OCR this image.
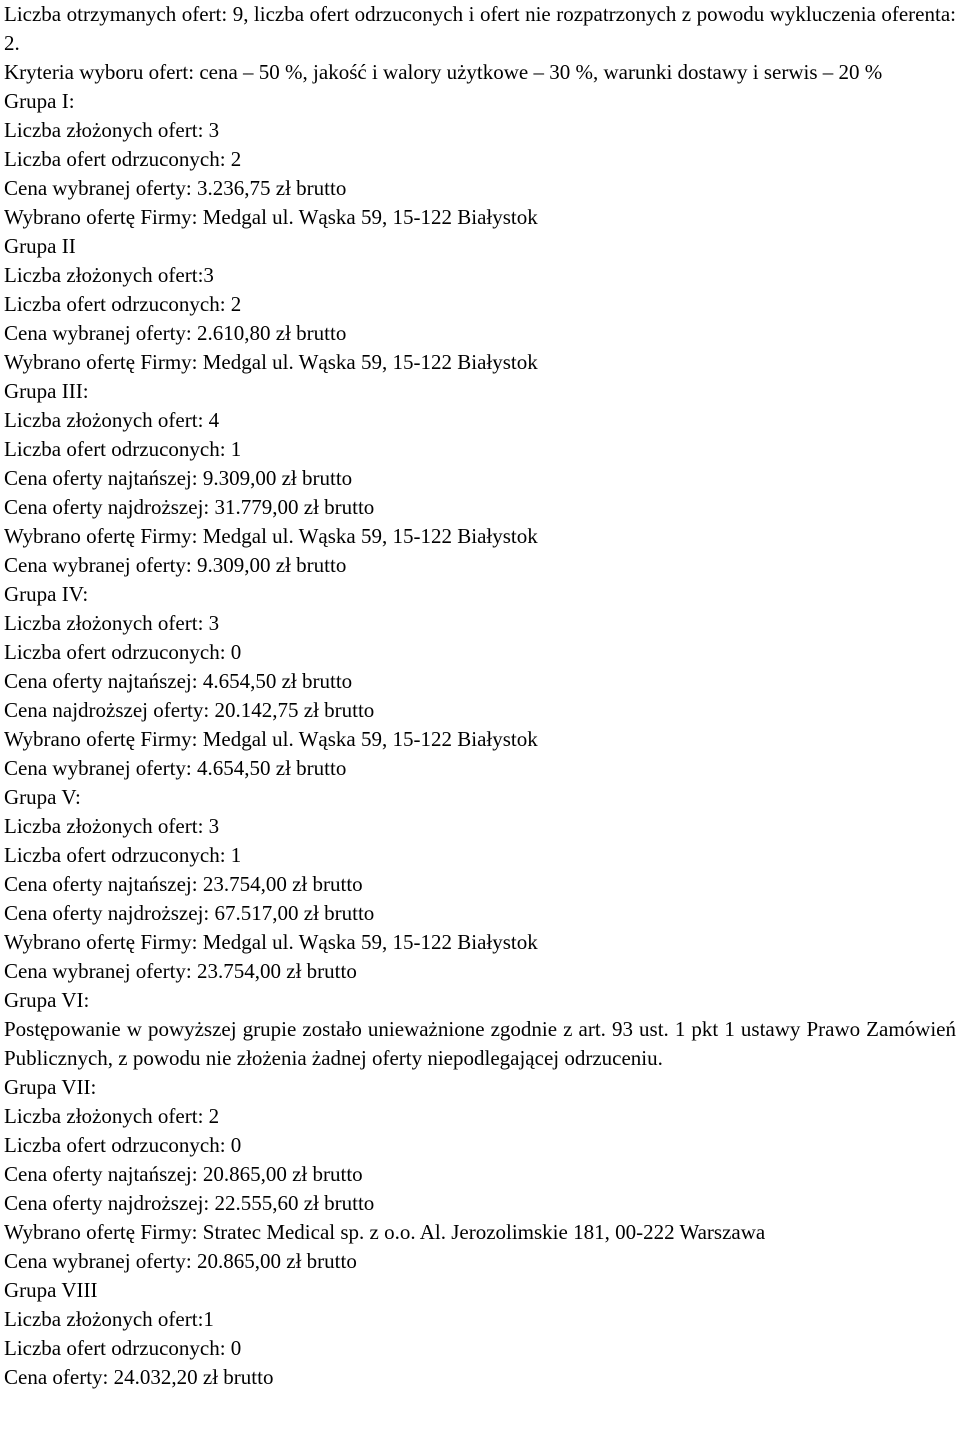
Liczba otrzymanych ofert: 9, liczba ofert odrzuconych i ofert nie rozpatrzonych z powodu wykluczenia oferenta: 2.
Kryteria wyboru ofert: cena – 50 %, jakość i walory użytkowe – 30 %, warunki dostawy i serwis – 20 %
Grupa I:
Liczba złożonych ofert: 3
Liczba ofert odrzuconych: 2
Cena wybranej oferty: 3.236,75 zł brutto
Wybrano ofertę Firmy: Medgal ul. Wąska 59, 15-122 Białystok
Grupa II
Liczba złożonych ofert:3
Liczba ofert odrzuconych: 2
Cena wybranej oferty: 2.610,80 zł brutto
Wybrano ofertę Firmy: Medgal ul. Wąska 59, 15-122 Białystok
Grupa III:
Liczba złożonych ofert: 4
Liczba ofert odrzuconych: 1
Cena oferty najtańszej: 9.309,00 zł brutto
Cena oferty najdroższej: 31.779,00 zł brutto
Wybrano ofertę Firmy: Medgal ul. Wąska 59, 15-122 Białystok
Cena wybranej oferty: 9.309,00 zł brutto
Grupa IV:
Liczba złożonych ofert: 3
Liczba ofert odrzuconych: 0
Cena oferty najtańszej: 4.654,50 zł brutto
Cena najdroższej oferty: 20.142,75 zł brutto
Wybrano ofertę Firmy: Medgal ul. Wąska 59, 15-122 Białystok
Cena wybranej oferty: 4.654,50 zł brutto
Grupa V:
Liczba złożonych ofert: 3
Liczba ofert odrzuconych: 1
Cena oferty najtańszej: 23.754,00 zł brutto
Cena oferty najdroższej: 67.517,00 zł brutto
Wybrano ofertę Firmy: Medgal ul. Wąska 59, 15-122 Białystok
Cena wybranej oferty: 23.754,00 zł brutto
Grupa VI:
Postępowanie w powyższej grupie zostało unieważnione zgodnie z art. 93 ust. 1 pkt 1 ustawy Prawo Zamówień Publicznych, z powodu nie złożenia żadnej oferty niepodlegającej odrzuceniu.
Grupa VII:
Liczba złożonych ofert: 2
Liczba ofert odrzuconych: 0
Cena oferty najtańszej: 20.865,00 zł brutto
Cena oferty najdroższej: 22.555,60 zł brutto
Wybrano ofertę Firmy: Stratec Medical sp. z o.o. Al. Jerozolimskie 181, 00-222 Warszawa
Cena wybranej oferty: 20.865,00 zł brutto
Grupa VIII
Liczba złożonych ofert:1
Liczba ofert odrzuconych: 0
Cena oferty: 24.032,20 zł brutto
